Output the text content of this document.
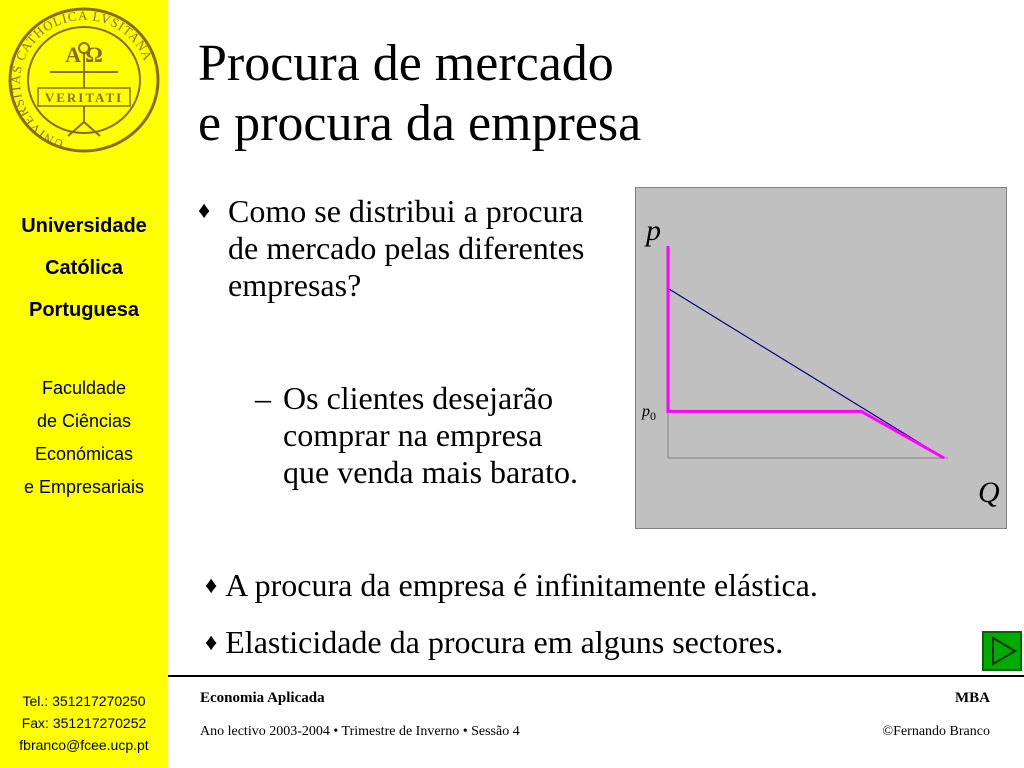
UNIVERSITAS CATHOLICA LVSITANA
A Ω
VERITATI
Universidade
Católica
Portuguesa
Faculdade
de Ciências
Económicas
e Empresariais
Tel.: 351217270250
Fax: 351217270252
fbranco@fcee.ucp.pt
Procura de mercado
e procura da empresa
♦ Como se distribui a procura de mercado pelas diferentes empresas?
– Os clientes desejarão comprar na empresa que venda mais barato.
♦ A procura da empresa é infinitamente elástica.
♦ Elasticidade da procura em alguns sectores.
p
Q
$p_0$
Economia Aplicada	MBA
Ano lectivo 2003-2004 • Trimestre de Inverno • Sessão 4	©Fernando Branco
